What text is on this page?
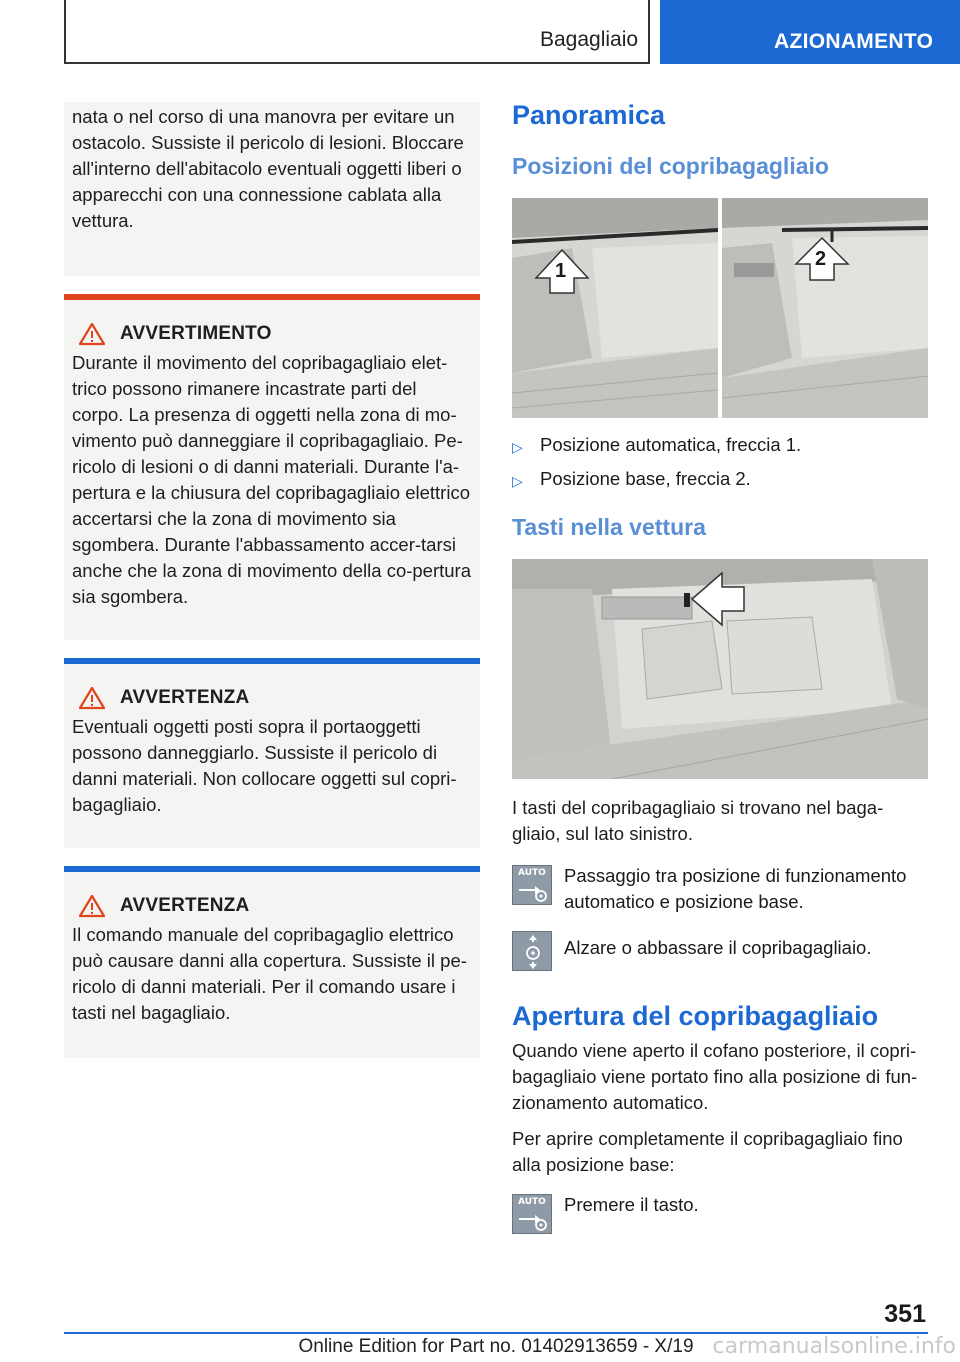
Bagagliaio	AZIONAMENTO

nata o nel corso di una manovra per evitare un ostacolo. Sussiste il pericolo di lesioni. Bloccare all'interno dell'abitacolo eventuali oggetti liberi o apparecchi con una connessione cablata alla vettura.

AVVERTIMENTO

Durante il movimento del copribagagliaio elet-trico possono rimanere incastrate parti del corpo. La presenza di oggetti nella zona di mo-vimento può danneggiare il copribagagliaio. Pe-ricolo di lesioni o di danni materiali. Durante l'a-pertura e la chiusura del copribagagliaio elettrico accertarsi che la zona di movimento sia sgombera. Durante l'abbassamento accer-tarsi anche che la zona di movimento della co-pertura sia sgombera.

AVVERTENZA

Eventuali oggetti posti sopra il portaoggetti possono danneggiarlo. Sussiste il pericolo di danni materiali. Non collocare oggetti sul copri-bagagliaio.

AVVERTENZA

Il comando manuale del copribagaglio elettrico può causare danni alla copertura. Sussiste il pe-ricolo di danni materiali. Per il comando usare i tasti nel bagagliaio.

Panoramica
Posizioni del copribagagliaio
1
2
▷ Posizione automatica, freccia 1.
▷ Posizione base, freccia 2.
Tasti nella vettura

I tasti del copribagagliaio si trovano nel baga-gliaio, sul lato sinistro.

AUTO Passaggio tra posizione di funzionamento automatico e posizione base.
Alzare o abbassare il copribagagliaio.
Apertura del copribagagliaio

Quando viene aperto il cofano posteriore, il copri-bagagliaio viene portato fino alla posizione di fun-zionamento automatico.

Per aprire completamente il copribagagliaio fino alla posizione base:

AUTO Premere il tasto.
351
Online Edition for Part no. 01402913659 - X/19 carmanualsonline.info
